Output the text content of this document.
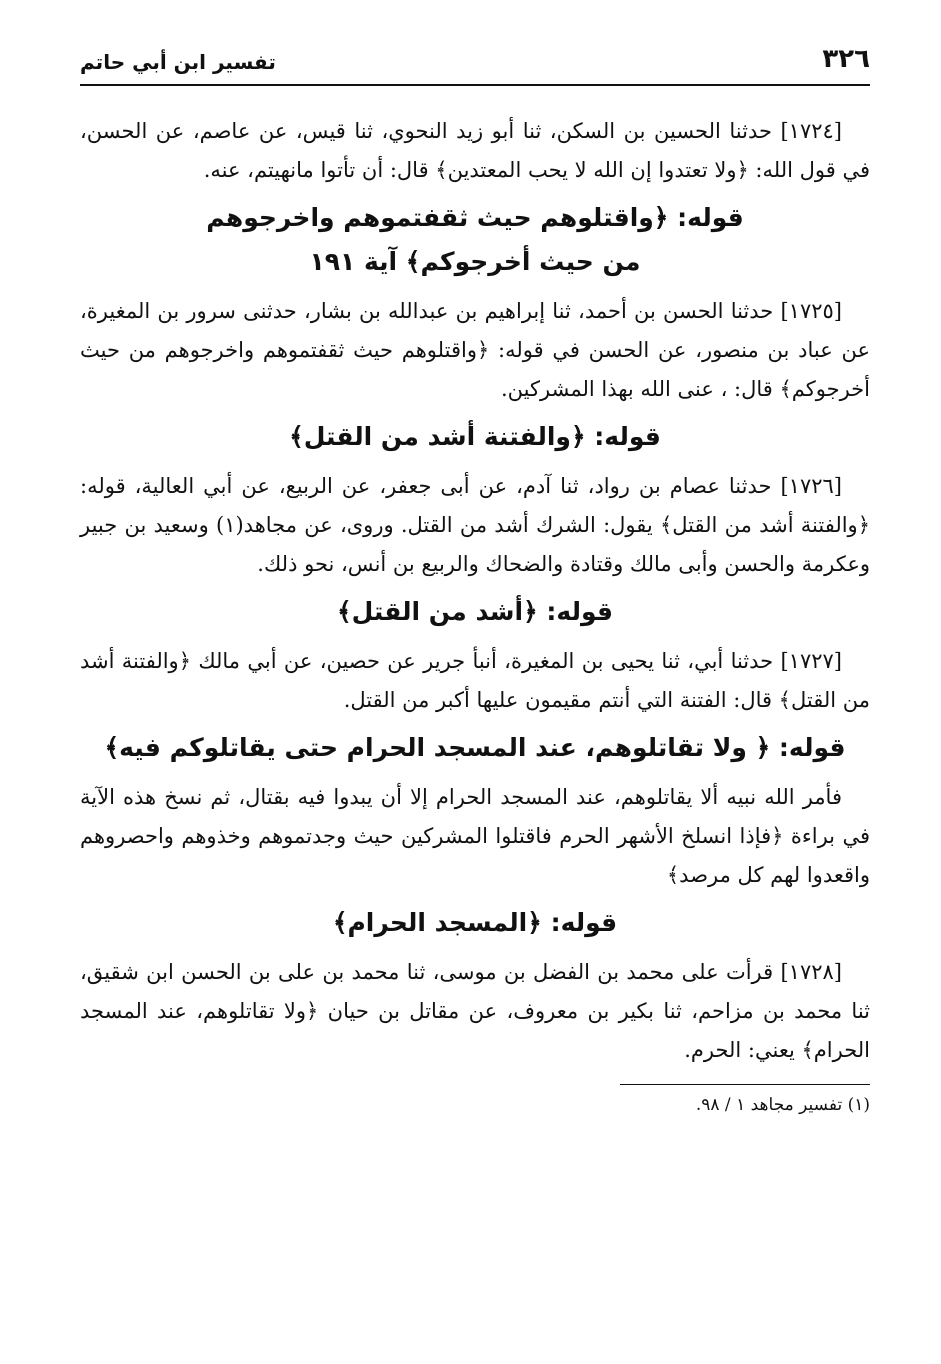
٣٢٦
تفسير ابن أبي حاتم

[١٧٢٤] حدثنا الحسين بن السكن، ثنا أبو زيد النحوي، ثنا قيس، عن عاصم، عن الحسن، في قول الله: ﴿ولا تعتدوا إن الله لا يحب المعتدين﴾ قال: أن تأتوا مانهيتم، عنه.

قوله: ﴿واقتلوهم حيث ثقفتموهم واخرجوهم
من حيث أخرجوكم﴾ آية ١٩١

[١٧٢٥] حدثنا الحسن بن أحمد، ثنا إبراهيم بن عبدالله بن بشار، حدثنى سرور بن المغيرة، عن عباد بن منصور، عن الحسن في قوله: ﴿واقتلوهم حيث ثقفتموهم واخرجوهم من حيث أخرجوكم﴾ قال: ، عنى الله بهذا المشركين.

قوله: ﴿والفتنة أشد من القتل﴾

[١٧٢٦] حدثنا عصام بن رواد، ثنا آدم، عن أبى جعفر، عن الربيع، عن أبي العالية، قوله: ﴿والفتنة أشد من القتل﴾ يقول: الشرك أشد من القتل. وروى، عن مجاهد(١) وسعيد بن جبير وعكرمة والحسن وأبى مالك وقتادة والضحاك والربيع بن أنس، نحو ذلك.

قوله: ﴿أشد من القتل﴾

[١٧٢٧] حدثنا أبي، ثنا يحيى بن المغيرة، أنبأ جرير عن حصين، عن أبي مالك ﴿والفتنة أشد من القتل﴾ قال: الفتنة التي أنتم مقيمون عليها أكبر من القتل.

قوله: ﴿ ولا تقاتلوهم، عند المسجد الحرام حتى يقاتلوكم فيه﴾

فأمر الله نبيه ألا يقاتلوهم، عند المسجد الحرام إلا أن يبدوا فيه بقتال، ثم نسخ هذه الآية في براءة ﴿فإذا انسلخ الأشهر الحرم فاقتلوا المشركين حيث وجدتموهم وخذوهم واحصروهم واقعدوا لهم كل مرصد﴾

قوله: ﴿المسجد الحرام﴾

[١٧٢٨] قرأت على محمد بن الفضل بن موسى، ثنا محمد بن على بن الحسن ابن شقيق، ثنا محمد بن مزاحم، ثنا بكير بن معروف، عن مقاتل بن حيان ﴿ولا تقاتلوهم، عند المسجد الحرام﴾ يعني: الحرم.

(١) تفسير مجاهد ١ / ٩٨.
